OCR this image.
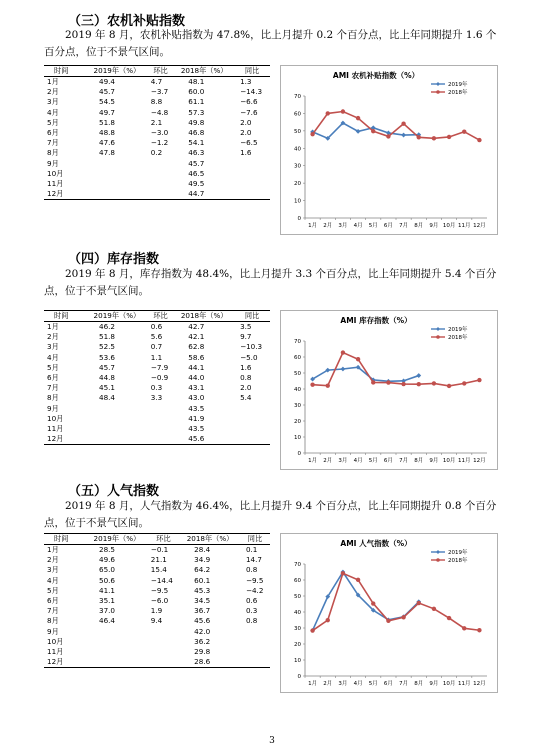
（三）农机补贴指数

2019 年 8 月，农机补贴指数为 47.8%，比上月提升 0.2 个百分点，比上年同期提升 1.6 个百分点，位于不景气区间。

时间	2019年（%）	环比	2018年（%）	同比
1月	49.4	4.7	48.1	1.3
2月	45.7	−3.7	60.0	−14.3
3月	54.5	8.8	61.1	−6.6
4月	49.7	−4.8	57.3	−7.6
5月	51.8	2.1	49.8	2.0
6月	48.8	−3.0	46.8	2.0
7月	47.6	−1.2	54.1	−6.5
8月	47.8	0.2	46.3	1.6
9月			45.7	
10月			46.5	
11月			49.5	
12月			44.7	
AMI 农机补贴指数（%）
0
10
20
30
40
50
60
70
1月 2月 3月 4月 5月 6月 7月 8月 9月 10月 11月 12月
2019年
2018年
（四）库存指数

2019 年 8 月，库存指数为 48.4%，比上月提升 3.3 个百分点，比上年同期提升 5.4 个百分点，位于不景气区间。

时间	2019年（%）	环比	2018年（%）	同比
1月	46.2	0.6	42.7	3.5
2月	51.8	5.6	42.1	9.7
3月	52.5	0.7	62.8	−10.3
4月	53.6	1.1	58.6	−5.0
5月	45.7	−7.9	44.1	1.6
6月	44.8	−0.9	44.0	0.8
7月	45.1	0.3	43.1	2.0
8月	48.4	3.3	43.0	5.4
9月			43.5	
10月			41.9	
11月			43.5	
12月			45.6	
AMI 库存指数（%）
0
10
20
30
40
50
60
70
1月 2月 3月 4月 5月 6月 7月 8月 9月 10月 11月 12月
2019年
2018年
（五）人气指数

2019 年 8 月，人气指数为 46.4%，比上月提升 9.4 个百分点，比上年同期提升 0.8 个百分点，位于不景气区间。

时间	2019年（%）	环比	2018年（%）	同比
1月	28.5	−0.1	28.4	0.1
2月	49.6	21.1	34.9	14.7
3月	65.0	15.4	64.2	0.8
4月	50.6	−14.4	60.1	−9.5
5月	41.1	−9.5	45.3	−4.2
6月	35.1	−6.0	34.5	0.6
7月	37.0	1.9	36.7	0.3
8月	46.4	9.4	45.6	0.8
9月			42.0	
10月			36.2	
11月			29.8	
12月			28.6	
AMI 人气指数（%）
0
10
20
30
40
50
60
70
1月 2月 3月 4月 5月 6月 7月 8月 9月 10月 11月 12月
2019年
2018年
3
